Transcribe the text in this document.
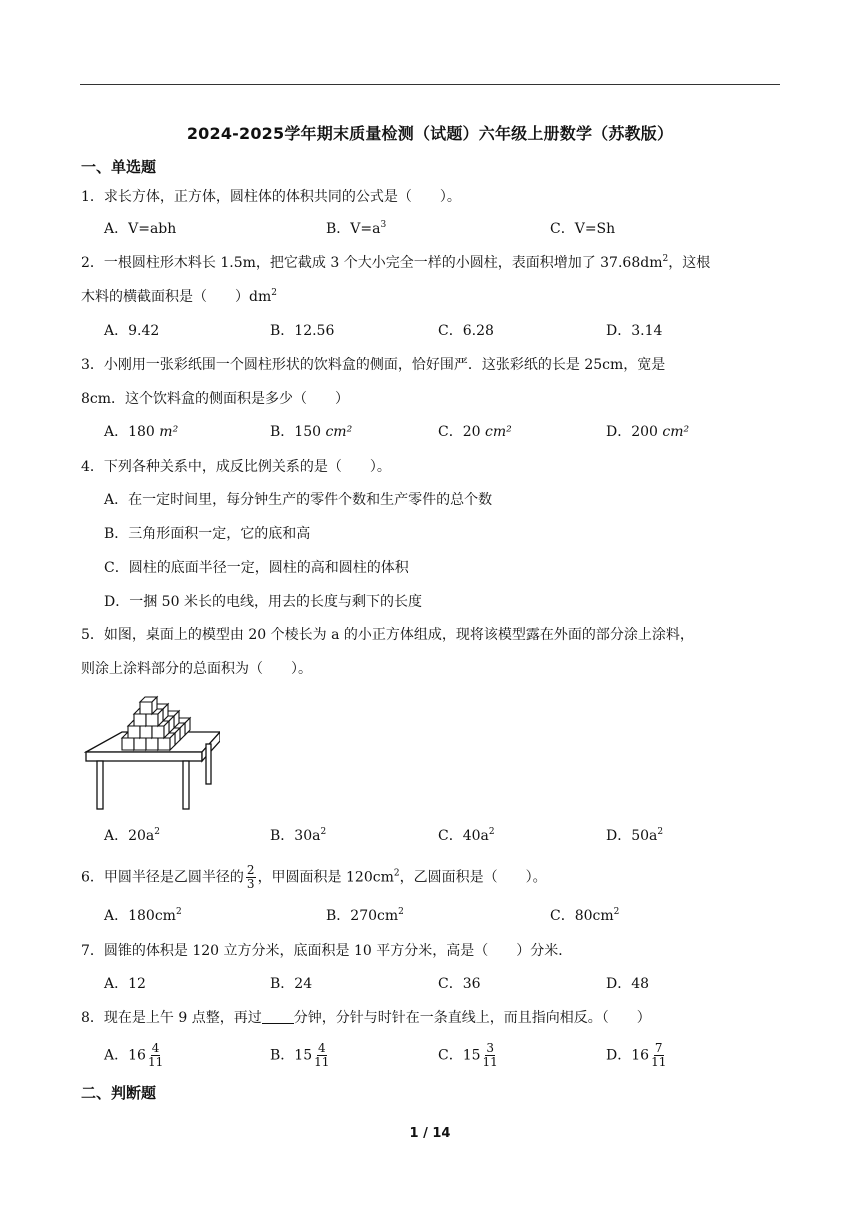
2024-2025学年期末质量检测（试题）六年级上册数学（苏教版）
一、单选题
1．求长方体，正方体，圆柱体的体积共同的公式是（　　）。
A．V=abh	B．$V=a^3$	C．V=Sh
2．一根圆柱形木料长 1.5m，把它截成 3 个大小完全一样的小圆柱，表面积增加了 $37.68dm^2$，这根
木料的横截面积是（　　）$dm^2$
A．9.42	B．12.56	C．6.28	D．3.14
3．小刚用一张彩纸围一个圆柱形状的饮料盒的侧面，恰好围严．这张彩纸的长是 25cm，宽是
8cm．这个饮料盒的侧面积是多少（　　）
A．180 m²	B．150 cm²	C．20 cm²	D．200 cm²
4．下列各种关系中，成反比例关系的是（　　）。
A．在一定时间里，每分钟生产的零件个数和生产零件的总个数
B．三角形面积一定，它的底和高
C．圆柱的底面半径一定，圆柱的高和圆柱的体积
D．一捆 50 米长的电线，用去的长度与剩下的长度
5．如图，桌面上的模型由 20 个棱长为 a 的小正方体组成，现将该模型露在外面的部分涂上涂料，
则涂上涂料部分的总面积为（　　）。
A．$20a^2$	B．$30a^2$	C．$40a^2$	D．$50a^2$
6．甲圆半径是乙圆半径的 $\frac{2}{3}$ ，甲圆面积是 $120cm^2$，乙圆面积是（　　）。
A．$180cm^2$	B．$270cm^2$	C．$80cm^2$
7．圆锥的体积是 120 立方分米，底面积是 10 平方分米，高是（　　）分米．
A．12	B．24	C．36	D．48
8．现在是上午 9 点整，再过 分钟，分针与时针在一条直线上，而且指向相反。（　　）
A．$16 \frac{4}{11}$	B．$15 \frac{4}{11}$	C．$15 \frac{3}{11}$	D．$16 \frac{7}{11}$
二、判断题
1 / 14
